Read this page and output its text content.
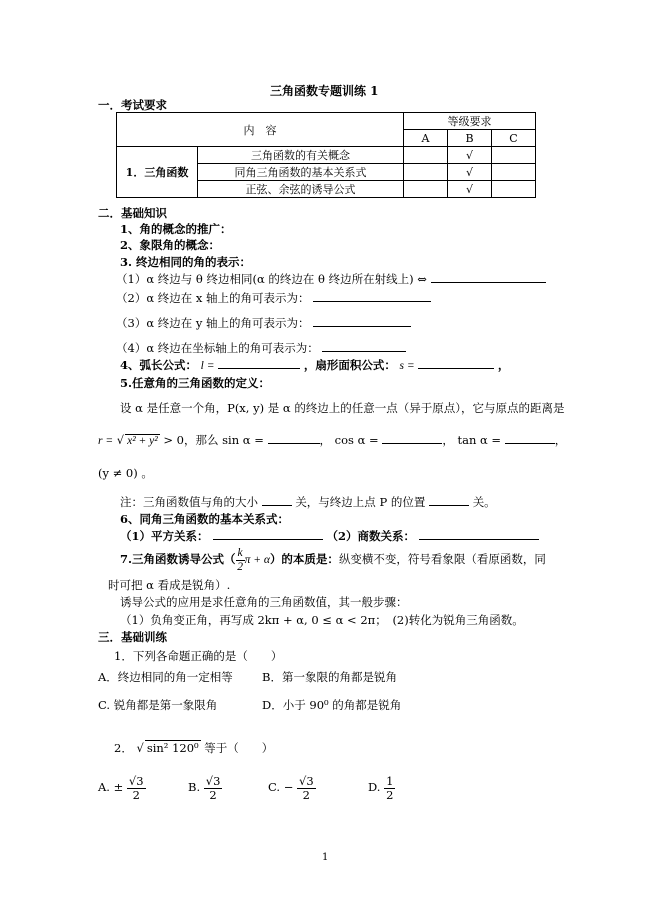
三角函数专题训练 1
一．考试要求
内　容		等级要求		
		A	B	C
1．三角函数	三角函数的有关概念		√	
	同角三角函数的基本关系式		√	
	正弦、余弦的诱导公式		√	
二．基础知识
1、角的概念的推广：
2、象限角的概念：
3. 终边相同的角的表示：
（1）α 终边与 θ 终边相同(α 的终边在 θ 终边所在射线上) ⇔
（2）α 终边在 x 轴上的角可表示为：
（3）α 终边在 y 轴上的角可表示为：
（4）α 终边在坐标轴上的角可表示为：
4、弧长公式： l =	，扇形面积公式： s =	，
5.任意角的三角函数的定义：
设 α 是任意一个角，P(x, y) 是 α 的终边上的任意一点（异于原点），它与原点的距离是
r = √ x² + y² > 0，那么 sin α =	， cos α =	， tan α =	，
(y ≠ 0) 。
注：三角函数值与角的大小	关，与终边上点 P 的位置	关。
6、同角三角函数的基本关系式：
（1）平方关系：	（2）商数关系：
7.三角函数诱导公式（ $\frac{k}{2}$ π + α）的本质是：纵变横不变，符号看象限（看原函数，同
时可把 α 看成是锐角）.
诱导公式的应用是求任意角的三角函数值，其一般步骤：
（1）负角变正角，再写成 2kπ + α, 0 ≤ α < 2π；　(2)转化为锐角三角函数。
三．基础训练
1．下列各命题正确的是（　　）
A．终边相同的角一定相等	B．第一象限的角都是锐角
C. 锐角都是第一象限角	D．小于 90⁰ 的角都是锐角
2． √ sin² 120⁰ 等于（　　）
A. ± $\frac{√3}{2}$	B. $\frac{√3}{2}$	C. − $\frac{√3}{2}$	D. $\frac{1}{2}$
1
